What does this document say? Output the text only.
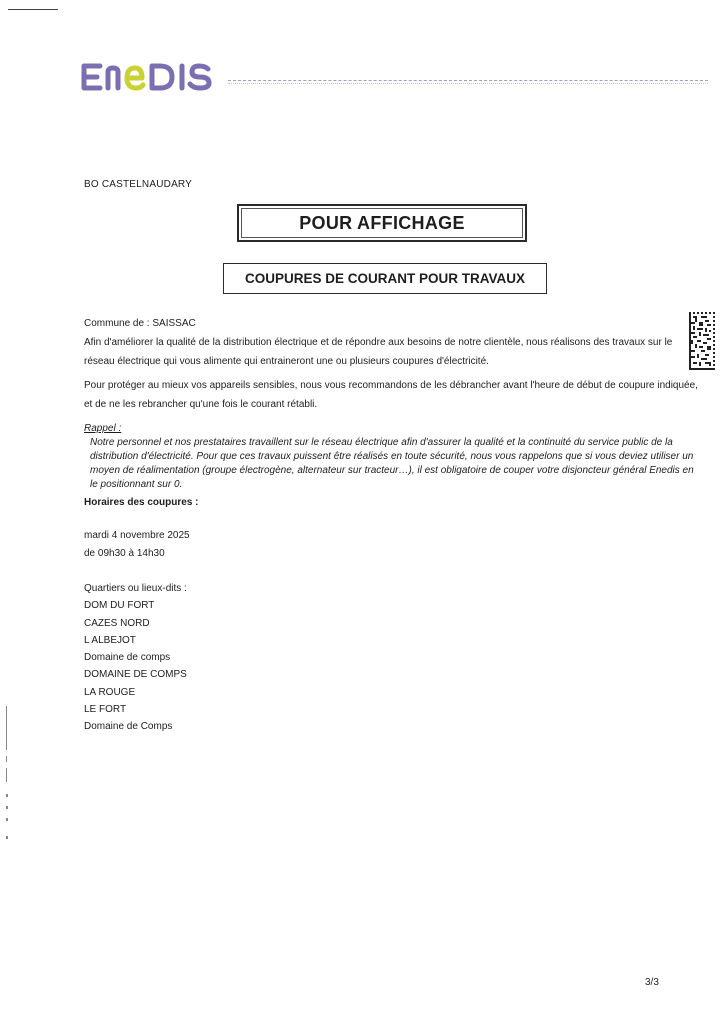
BO CASTELNAUDARY
POUR AFFICHAGE
COUPURES DE COURANT POUR TRAVAUX
Commune de : SAISSAC
Afin d'améliorer la qualité de la distribution électrique et de répondre aux besoins de notre clientèle, nous réalisons des travaux sur le réseau électrique qui vous alimente qui entraineront une ou plusieurs coupures d'électricité.
Pour protéger au mieux vos appareils sensibles, nous vous recommandons de les débrancher avant l'heure de début de coupure indiquée, et de ne les rebrancher qu'une fois le courant rétabli.
Rappel :
Notre personnel et nos prestataires travaillent sur le réseau électrique afin d'assurer la qualité et la continuité du service public de la distribution d'électricité. Pour que ces travaux puissent être réalisés en toute sécurité, nous vous rappelons que si vous deviez utiliser un moyen de réalimentation (groupe électrogène, alternateur sur tracteur…), il est obligatoire de couper votre disjoncteur général Enedis en le positionnant sur 0.
Horaires des coupures :
mardi 4 novembre 2025
de 09h30 à 14h30
Quartiers ou lieux-dits :
DOM DU FORT
CAZES NORD
L ALBEJOT
Domaine de comps
DOMAINE DE COMPS
LA ROUGE
LE FORT
Domaine de Comps
3/3
